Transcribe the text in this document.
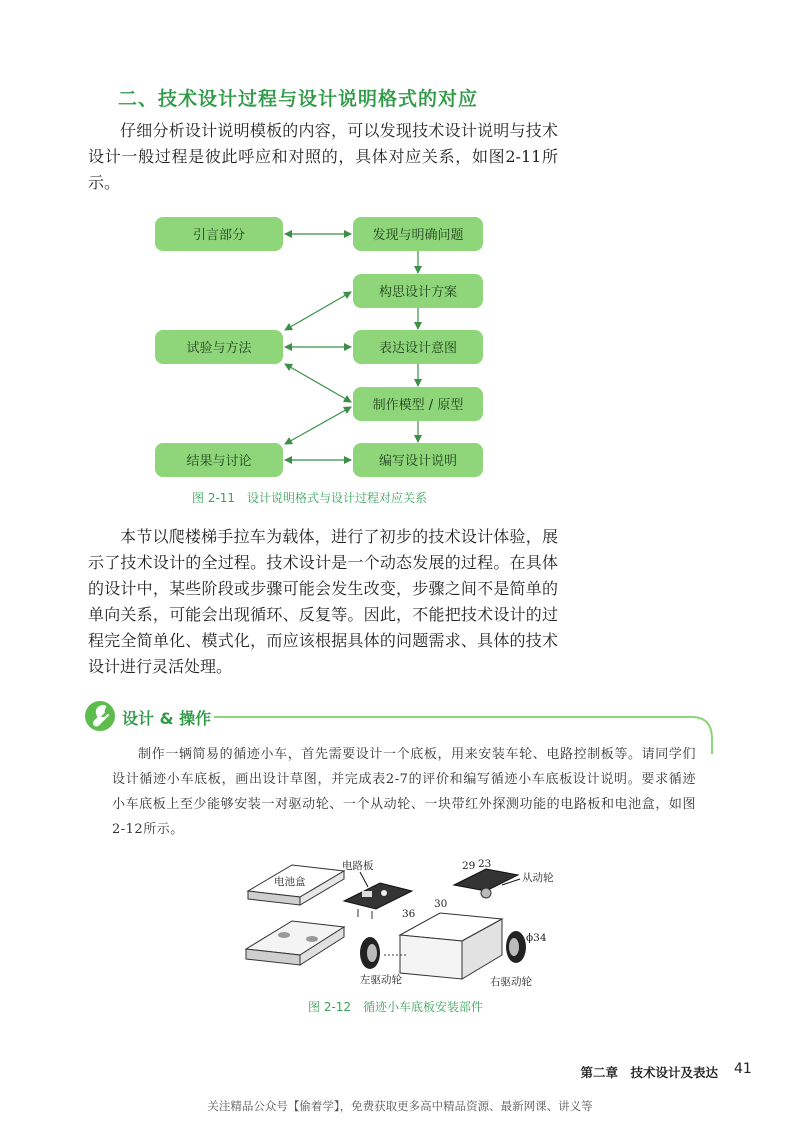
二、技术设计过程与设计说明格式的对应

仔细分析设计说明模板的内容，可以发现技术设计说明与技术设计一般过程是彼此呼应和对照的，具体对应关系，如图2-11所示。

引言部分
试验与方法
结果与讨论
发现与明确问题
构思设计方案
表达设计意图
制作模型 / 原型
编写设计说明
图 2-11　设计说明格式与设计过程对应关系

本节以爬楼梯手拉车为载体，进行了初步的技术设计体验，展示了技术设计的全过程。技术设计是一个动态发展的过程。在具体的设计中，某些阶段或步骤可能会发生改变，步骤之间不是简单的单向关系，可能会出现循环、反复等。因此，不能把技术设计的过程完全简单化、模式化，而应该根据具体的问题需求、具体的技术设计进行灵活处理。

设计 & 操作

制作一辆简易的循迹小车，首先需要设计一个底板，用来安装车轮、电路控制板等。请同学们设计循迹小车底板，画出设计草图，并完成表2-7的评价和编写循迹小车底板设计说明。要求循迹小车底板上至少能够安装一对驱动轮、一个从动轮、一块带红外探测功能的电路板和电池盒，如图2-12所示。

电池盒
电路板
左驱动轮
30
36
29 23
从动轮
ϕ34
右驱动轮
图 2-12　循迹小车底板安装部件
第二章　技术设计及表达 41
关注精品公众号【偷着学】，免费获取更多高中精品资源、最新网课、讲义等
